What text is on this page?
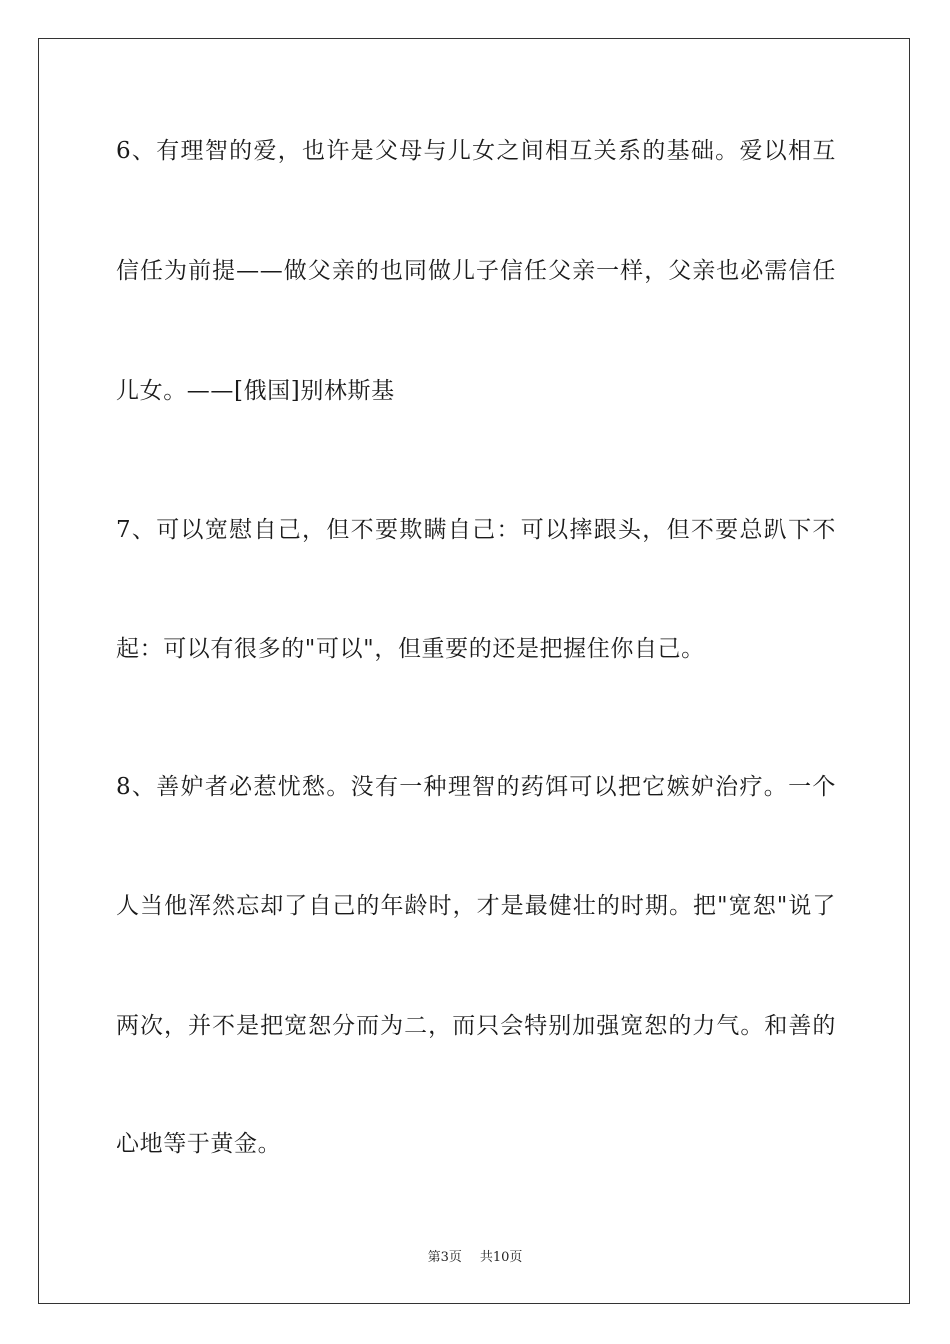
6、有理智的爱，也许是父母与儿女之间相互关系的基础。爱以相互
信任为前提——做父亲的也同做儿子信任父亲一样，父亲也必需信任
儿女。——[俄国]别林斯基
7、可以宽慰自己，但不要欺瞒自己：可以摔跟头，但不要总趴下不
起：可以有很多的"可以"，但重要的还是把握住你自己。
8、善妒者必惹忧愁。没有一种理智的药饵可以把它嫉妒治疗。一个
人当他浑然忘却了自己的年龄时，才是最健壮的时期。把"宽恕"说了
两次，并不是把宽恕分而为二，而只会特别加强宽恕的力气。和善的
心地等于黄金。
第3页 共10页
